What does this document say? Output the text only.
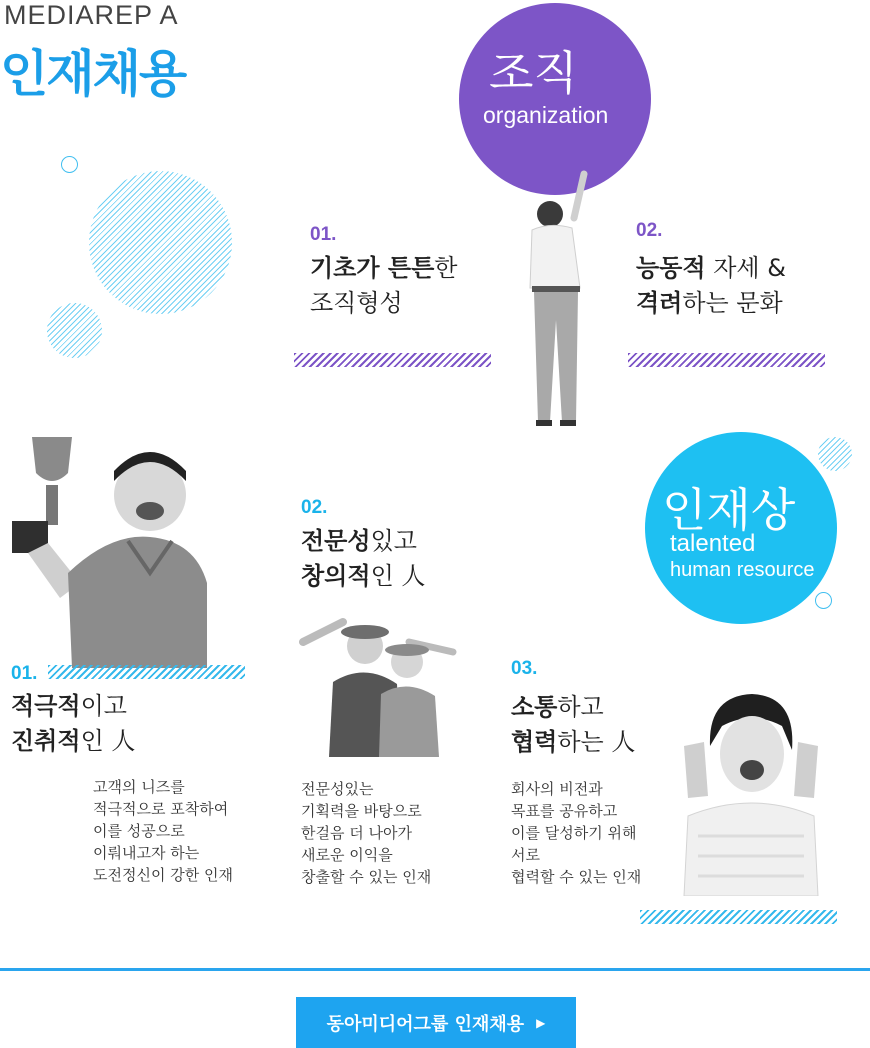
MEDIAREP A
인재채용	조직
organization
01.
기초가 튼튼한
조직형성
02.
능동적 자세 &
격려하는 문화
인재상
talented
human resource
01.
적극적이고
진취적인 人
고객의 니즈를
적극적으로 포착하여
이를 성공으로
이뤄내고자 하는
도전정신이 강한 인재
02.
전문성있고
창의적인 人
전문성있는
기획력을 바탕으로
한걸음 더 나아가
새로운 이익을
창출할 수 있는 인재
03.
소통하고
협력하는 人
회사의 비전과
목표를 공유하고
이를 달성하기 위해
서로
협력할 수 있는 인재
동아미디어그룹 인재채용 ▶
